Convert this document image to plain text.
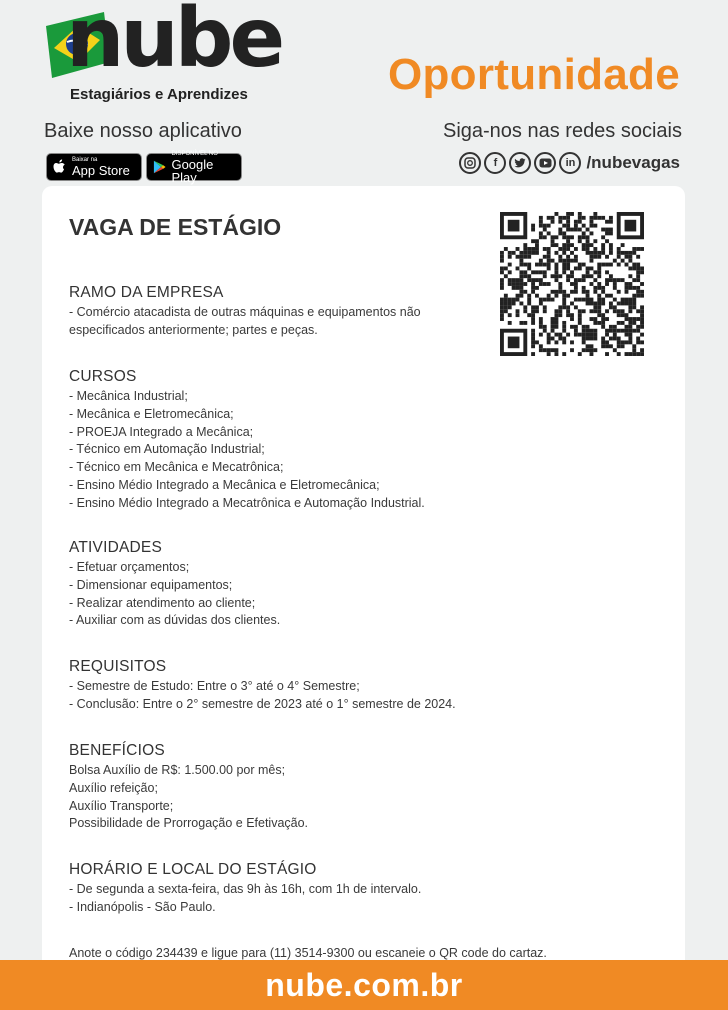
nube
Estagiários e Aprendizes	Oportunidade
Baixe nosso aplicativo	Siga-nos nas redes sociais
Baixar na
App Store
DISPONÍVEL NO
Google Play
f	in /nubevagas
VAGA DE ESTÁGIO
RAMO DA EMPRESA
- Comércio atacadista de outras máquinas e equipamentos não
especificados anteriormente; partes e peças.
CURSOS
- Mecânica Industrial;
- Mecânica e Eletromecânica;
- PROEJA Integrado a Mecânica;
- Técnico em Automação Industrial;
- Técnico em Mecânica e Mecatrônica;
- Ensino Médio Integrado a Mecânica e Eletromecânica;
- Ensino Médio Integrado a Mecatrônica e Automação Industrial.
ATIVIDADES
- Efetuar orçamentos;
- Dimensionar equipamentos;
- Realizar atendimento ao cliente;
- Auxiliar com as dúvidas dos clientes.
REQUISITOS
- Semestre de Estudo: Entre o 3° até o 4° Semestre;
- Conclusão: Entre o 2° semestre de 2023 até o 1° semestre de 2024.
BENEFÍCIOS
Bolsa Auxílio de R$: 1.500.00 por mês;
Auxílio refeição;
Auxílio Transporte;
Possibilidade de Prorrogação e Efetivação.
HORÁRIO E LOCAL DO ESTÁGIO
- De segunda a sexta-feira, das 9h às 16h, com 1h de intervalo.
- Indianópolis - São Paulo.
Anote o código 234439 e ligue para (11) 3514-9300 ou escaneie o QR code do cartaz.
nube.com.br
